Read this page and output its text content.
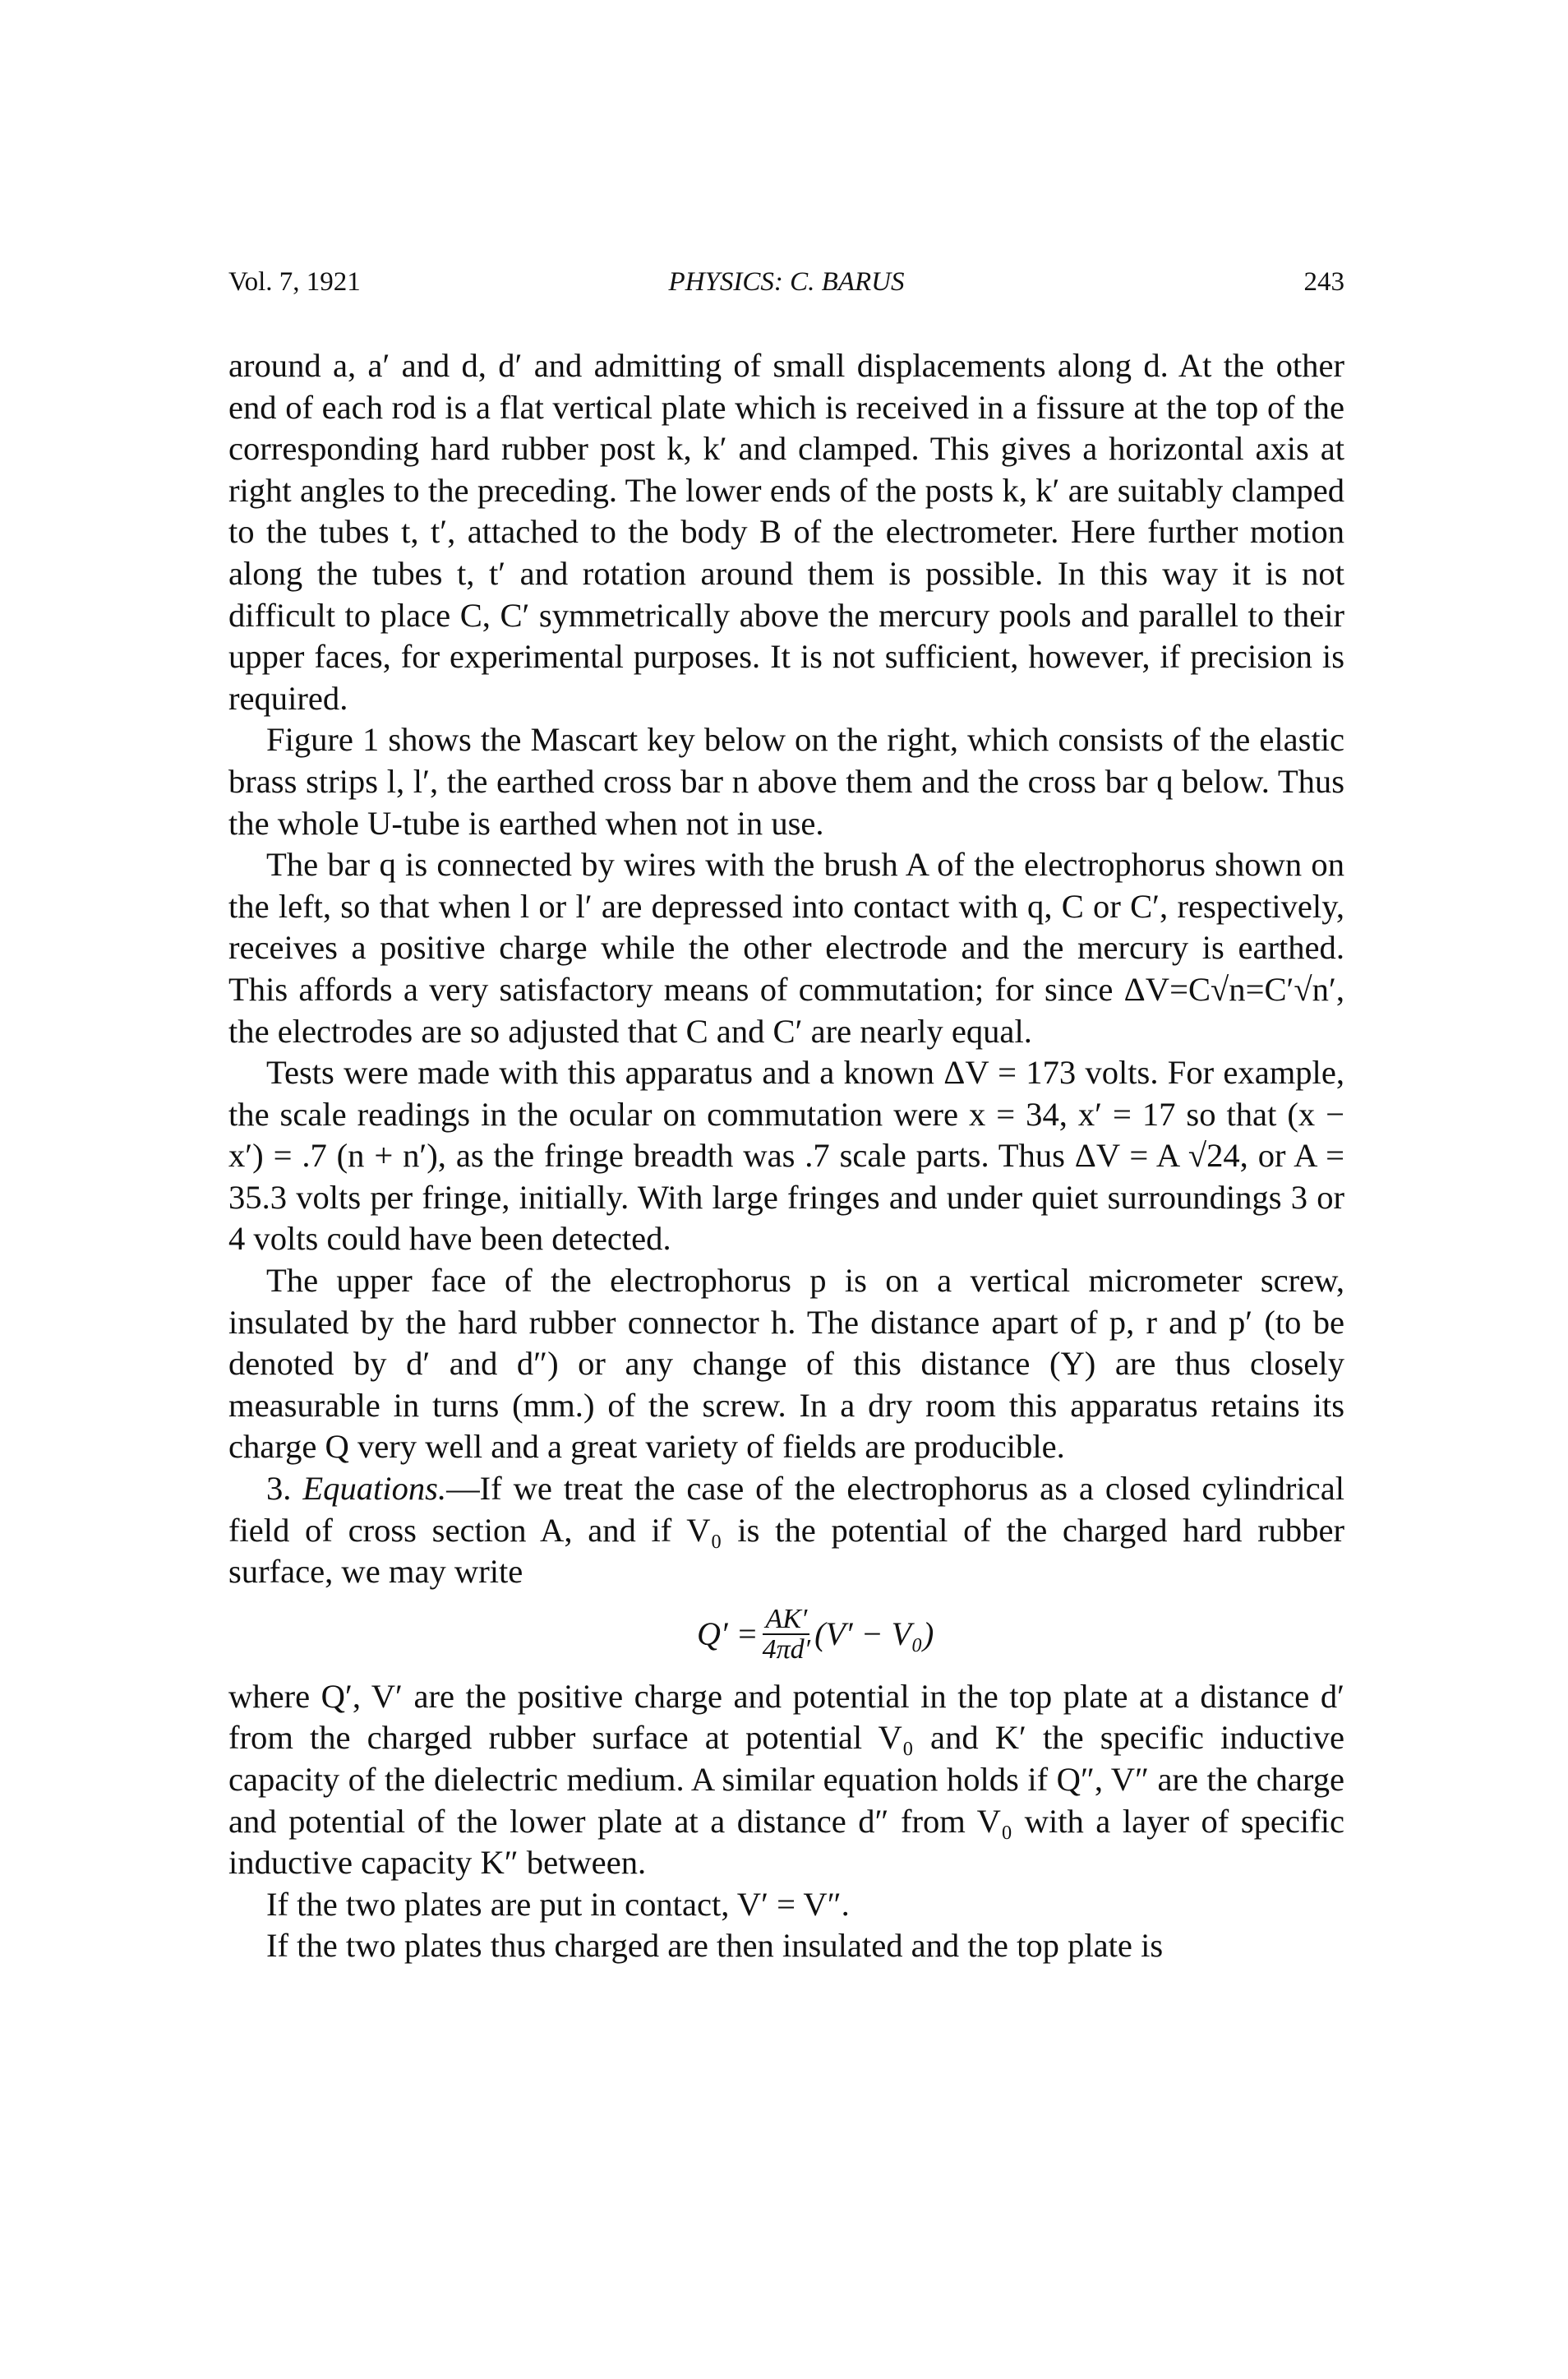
Vol. 7, 1921	PHYSICS: C. BARUS	243

around a, a′ and d, d′ and admitting of small displacements along d. At the other end of each rod is a flat vertical plate which is received in a fissure at the top of the corresponding hard rubber post k, k′ and clamped. This gives a horizontal axis at right angles to the preceding. The lower ends of the posts k, k′ are suitably clamped to the tubes t, t′, attached to the body B of the electrometer. Here further motion along the tubes t, t′ and rotation around them is possible. In this way it is not difficult to place C, C′ symmetrically above the mercury pools and parallel to their upper faces, for experimental purposes. It is not sufficient, however, if precision is required.

Figure 1 shows the Mascart key below on the right, which consists of the elastic brass strips l, l′, the earthed cross bar n above them and the cross bar q below. Thus the whole U-tube is earthed when not in use.

The bar q is connected by wires with the brush A of the electrophorus shown on the left, so that when l or l′ are depressed into contact with q, C or C′, respectively, receives a positive charge while the other electrode and the mercury is earthed. This affords a very satisfactory means of commutation; for since ΔV=C√n=C′√n′, the electrodes are so adjusted that C and C′ are nearly equal.

Tests were made with this apparatus and a known ΔV = 173 volts. For example, the scale readings in the ocular on commutation were x = 34, x′ = 17 so that (x − x′) = .7 (n + n′), as the fringe breadth was .7 scale parts. Thus ΔV = A √24, or A = 35.3 volts per fringe, initially. With large fringes and under quiet surroundings 3 or 4 volts could have been detected.

The upper face of the electrophorus p is on a vertical micrometer screw, insulated by the hard rubber connector h. The distance apart of p, r and p′ (to be denoted by d′ and d″) or any change of this distance (Y) are thus closely measurable in turns (mm.) of the screw. In a dry room this apparatus retains its charge Q very well and a great variety of fields are producible.

3. Equations.—If we treat the case of the electrophorus as a closed cylindrical field of cross section A, and if V₀ is the potential of the charged hard rubber surface, we may write

$Q' = \frac{AK'}{4\pi d'} (V' - V_0)$

where Q′, V′ are the positive charge and potential in the top plate at a distance d′ from the charged rubber surface at potential V₀ and K′ the specific inductive capacity of the dielectric medium. A similar equation holds if Q″, V″ are the charge and potential of the lower plate at a distance d″ from V₀ with a layer of specific inductive capacity K″ between.

If the two plates are put in contact, V′ = V″.

If the two plates thus charged are then insulated and the top plate is
